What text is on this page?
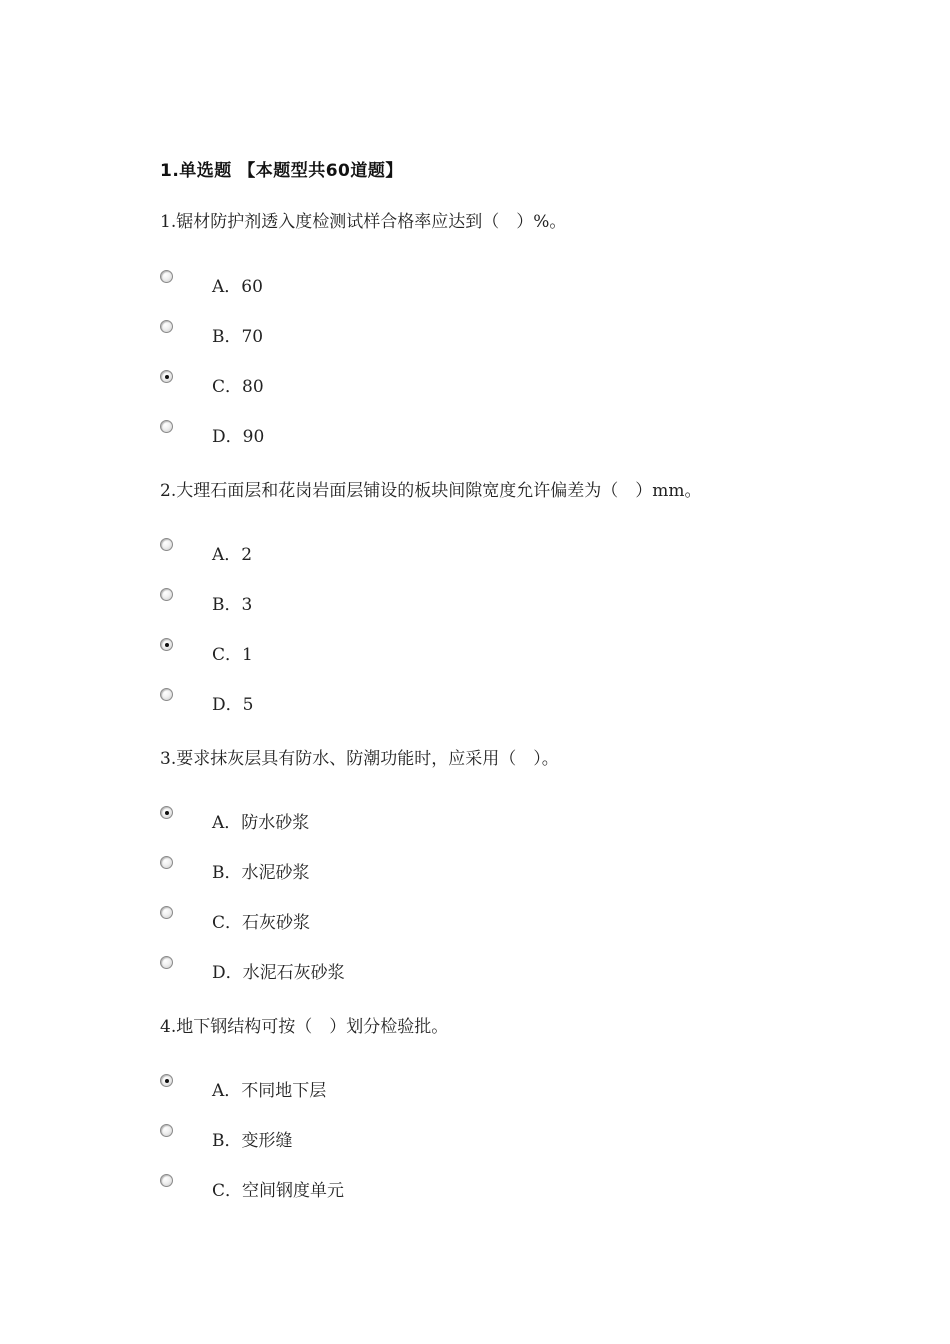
1.单选题 【本题型共60道题】
1.锯材防护剂透入度检测试样合格率应达到（　）%。
A．60
B．70
C．80
D．90
2.大理石面层和花岗岩面层铺设的板块间隙宽度允许偏差为（　）mm。
A．2
B．3
C．1
D．5
3.要求抹灰层具有防水、防潮功能时，应采用（　）。
A．防水砂浆
B．水泥砂浆
C．石灰砂浆
D．水泥石灰砂浆
4.地下钢结构可按（　）划分检验批。
A．不同地下层
B．变形缝
C．空间钢度单元
